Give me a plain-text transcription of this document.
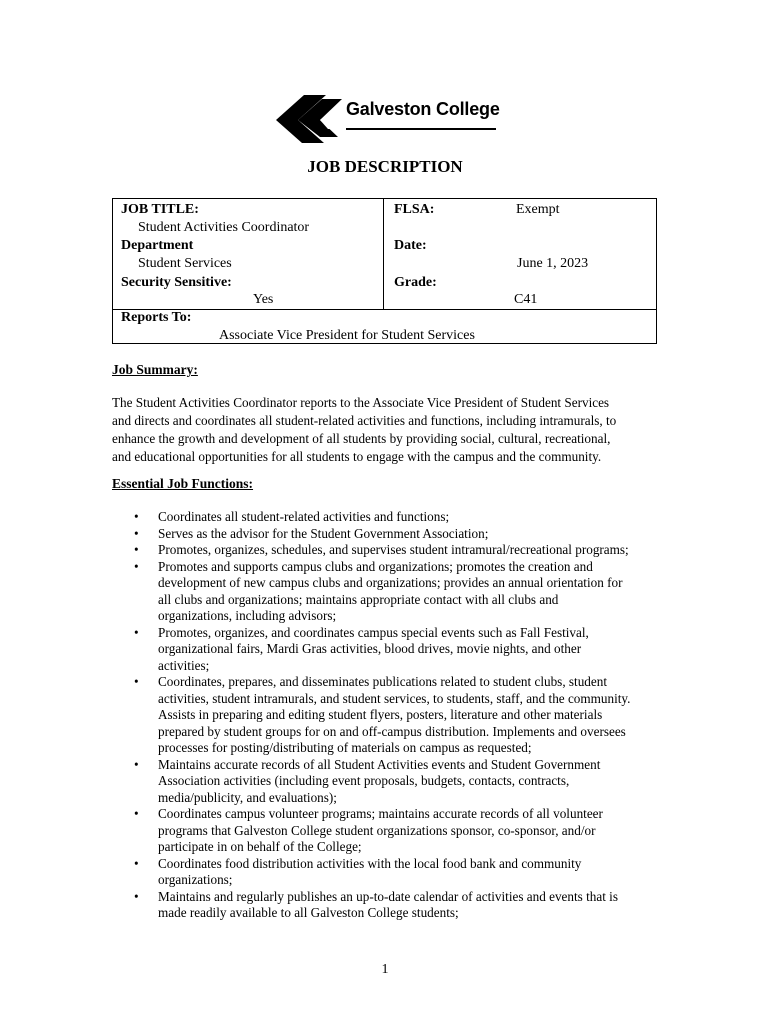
Galveston College
JOB DESCRIPTION
JOB TITLE:
Student Activities Coordinator
Department
Student Services
Security Sensitive:
Yes
FLSA:	Exempt
Date:
June 1, 2023
Grade:
C41
Reports To:
Associate Vice President for Student Services
Job Summary:

The Student Activities Coordinator reports to the Associate Vice President of Student Services
and directs and coordinates all student-related activities and functions, including intramurals, to
enhance the growth and development of all students by providing social, cultural, recreational,
and educational opportunities for all students to engage with the campus and the community.

Essential Job Functions:
• Coordinates all student-related activities and functions;
• Serves as the advisor for the Student Government Association;
• Promotes, organizes, schedules, and supervises student intramural/recreational programs;
• Promotes and supports campus clubs and organizations; promotes the creation and
development of new campus clubs and organizations; provides an annual orientation for
all clubs and organizations; maintains appropriate contact with all clubs and
organizations, including advisors;
• Promotes, organizes, and coordinates campus special events such as Fall Festival,
organizational fairs, Mardi Gras activities, blood drives, movie nights, and other
activities;
• Coordinates, prepares, and disseminates publications related to student clubs, student
activities, student intramurals, and student services, to students, staff, and the community.
Assists in preparing and editing student flyers, posters, literature and other materials
prepared by student groups for on and off-campus distribution. Implements and oversees
processes for posting/distributing of materials on campus as requested;
• Maintains accurate records of all Student Activities events and Student Government
Association activities (including event proposals, budgets, contacts, contracts,
media/publicity, and evaluations);
• Coordinates campus volunteer programs; maintains accurate records of all volunteer
programs that Galveston College student organizations sponsor, co-sponsor, and/or
participate in on behalf of the College;
• Coordinates food distribution activities with the local food bank and community
organizations;
• Maintains and regularly publishes an up-to-date calendar of activities and events that is
made readily available to all Galveston College students;
1
